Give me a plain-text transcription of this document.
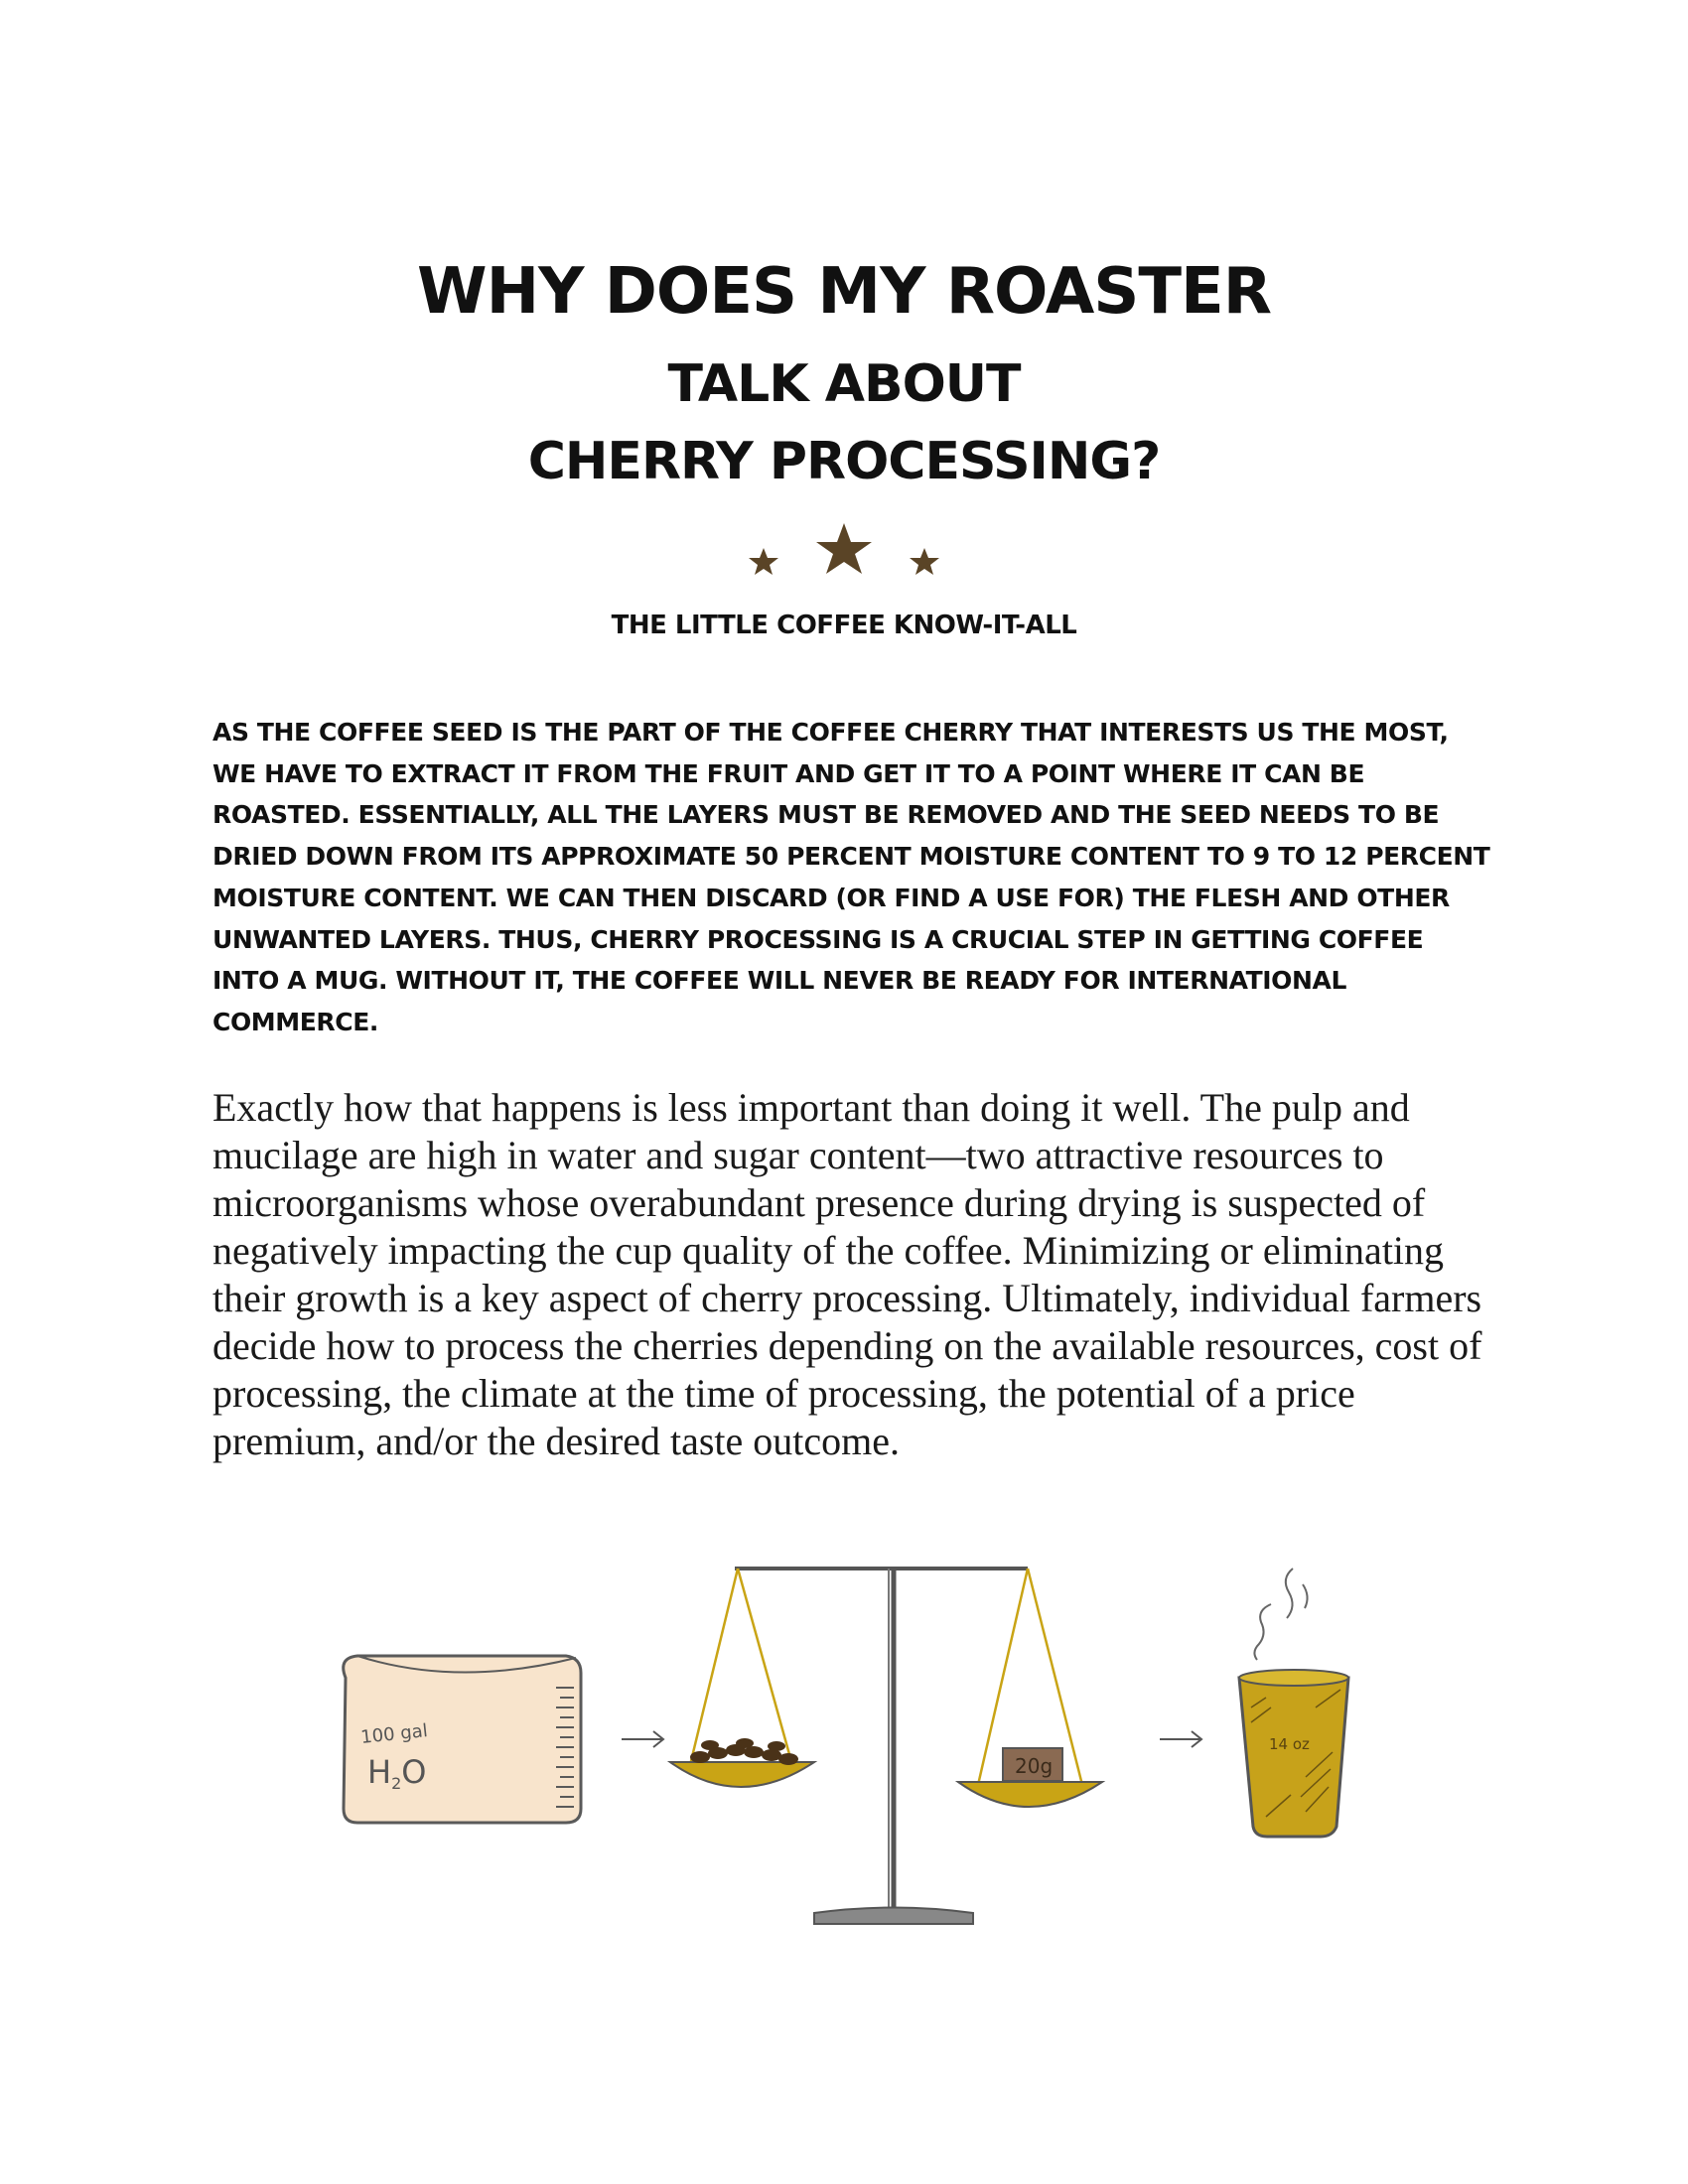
WHY DOES MY ROASTER
TALK ABOUT
CHERRY PROCESSING?
THE LITTLE COFFEE KNOW-IT-ALL
AS THE COFFEE SEED IS THE PART OF THE COFFEE CHERRY THAT INTERESTS US THE MOST, WE HAVE TO EXTRACT IT FROM THE FRUIT AND GET IT TO A POINT WHERE IT CAN BE ROASTED. ESSENTIALLY, ALL THE LAYERS MUST BE REMOVED AND THE SEED NEEDS TO BE DRIED DOWN FROM ITS APPROXIMATE 50 PERCENT MOISTURE CONTENT TO 9 TO 12 PERCENT MOISTURE CONTENT. WE CAN THEN DISCARD (OR FIND A USE FOR) THE FLESH AND OTHER UNWANTED LAYERS. THUS, CHERRY PROCESSING IS A CRUCIAL STEP IN GETTING COFFEE INTO A MUG. WITHOUT IT, THE COFFEE WILL NEVER BE READY FOR INTERNATIONAL COMMERCE.
Exactly how that happens is less important than doing it well. The pulp and mucilage are high in water and sugar content—two attractive resources to microorganisms whose overabundant presence during drying is suspected of negatively impacting the cup quality of the coffee. Minimizing or eliminating their growth is a key aspect of cherry processing. Ultimately, individual farmers decide how to process the cherries depending on the available resources, cost of processing, the climate at the time of processing, the potential of a price premium, and/or the desired taste outcome.
100 gal
H2O	20g
14 oz
